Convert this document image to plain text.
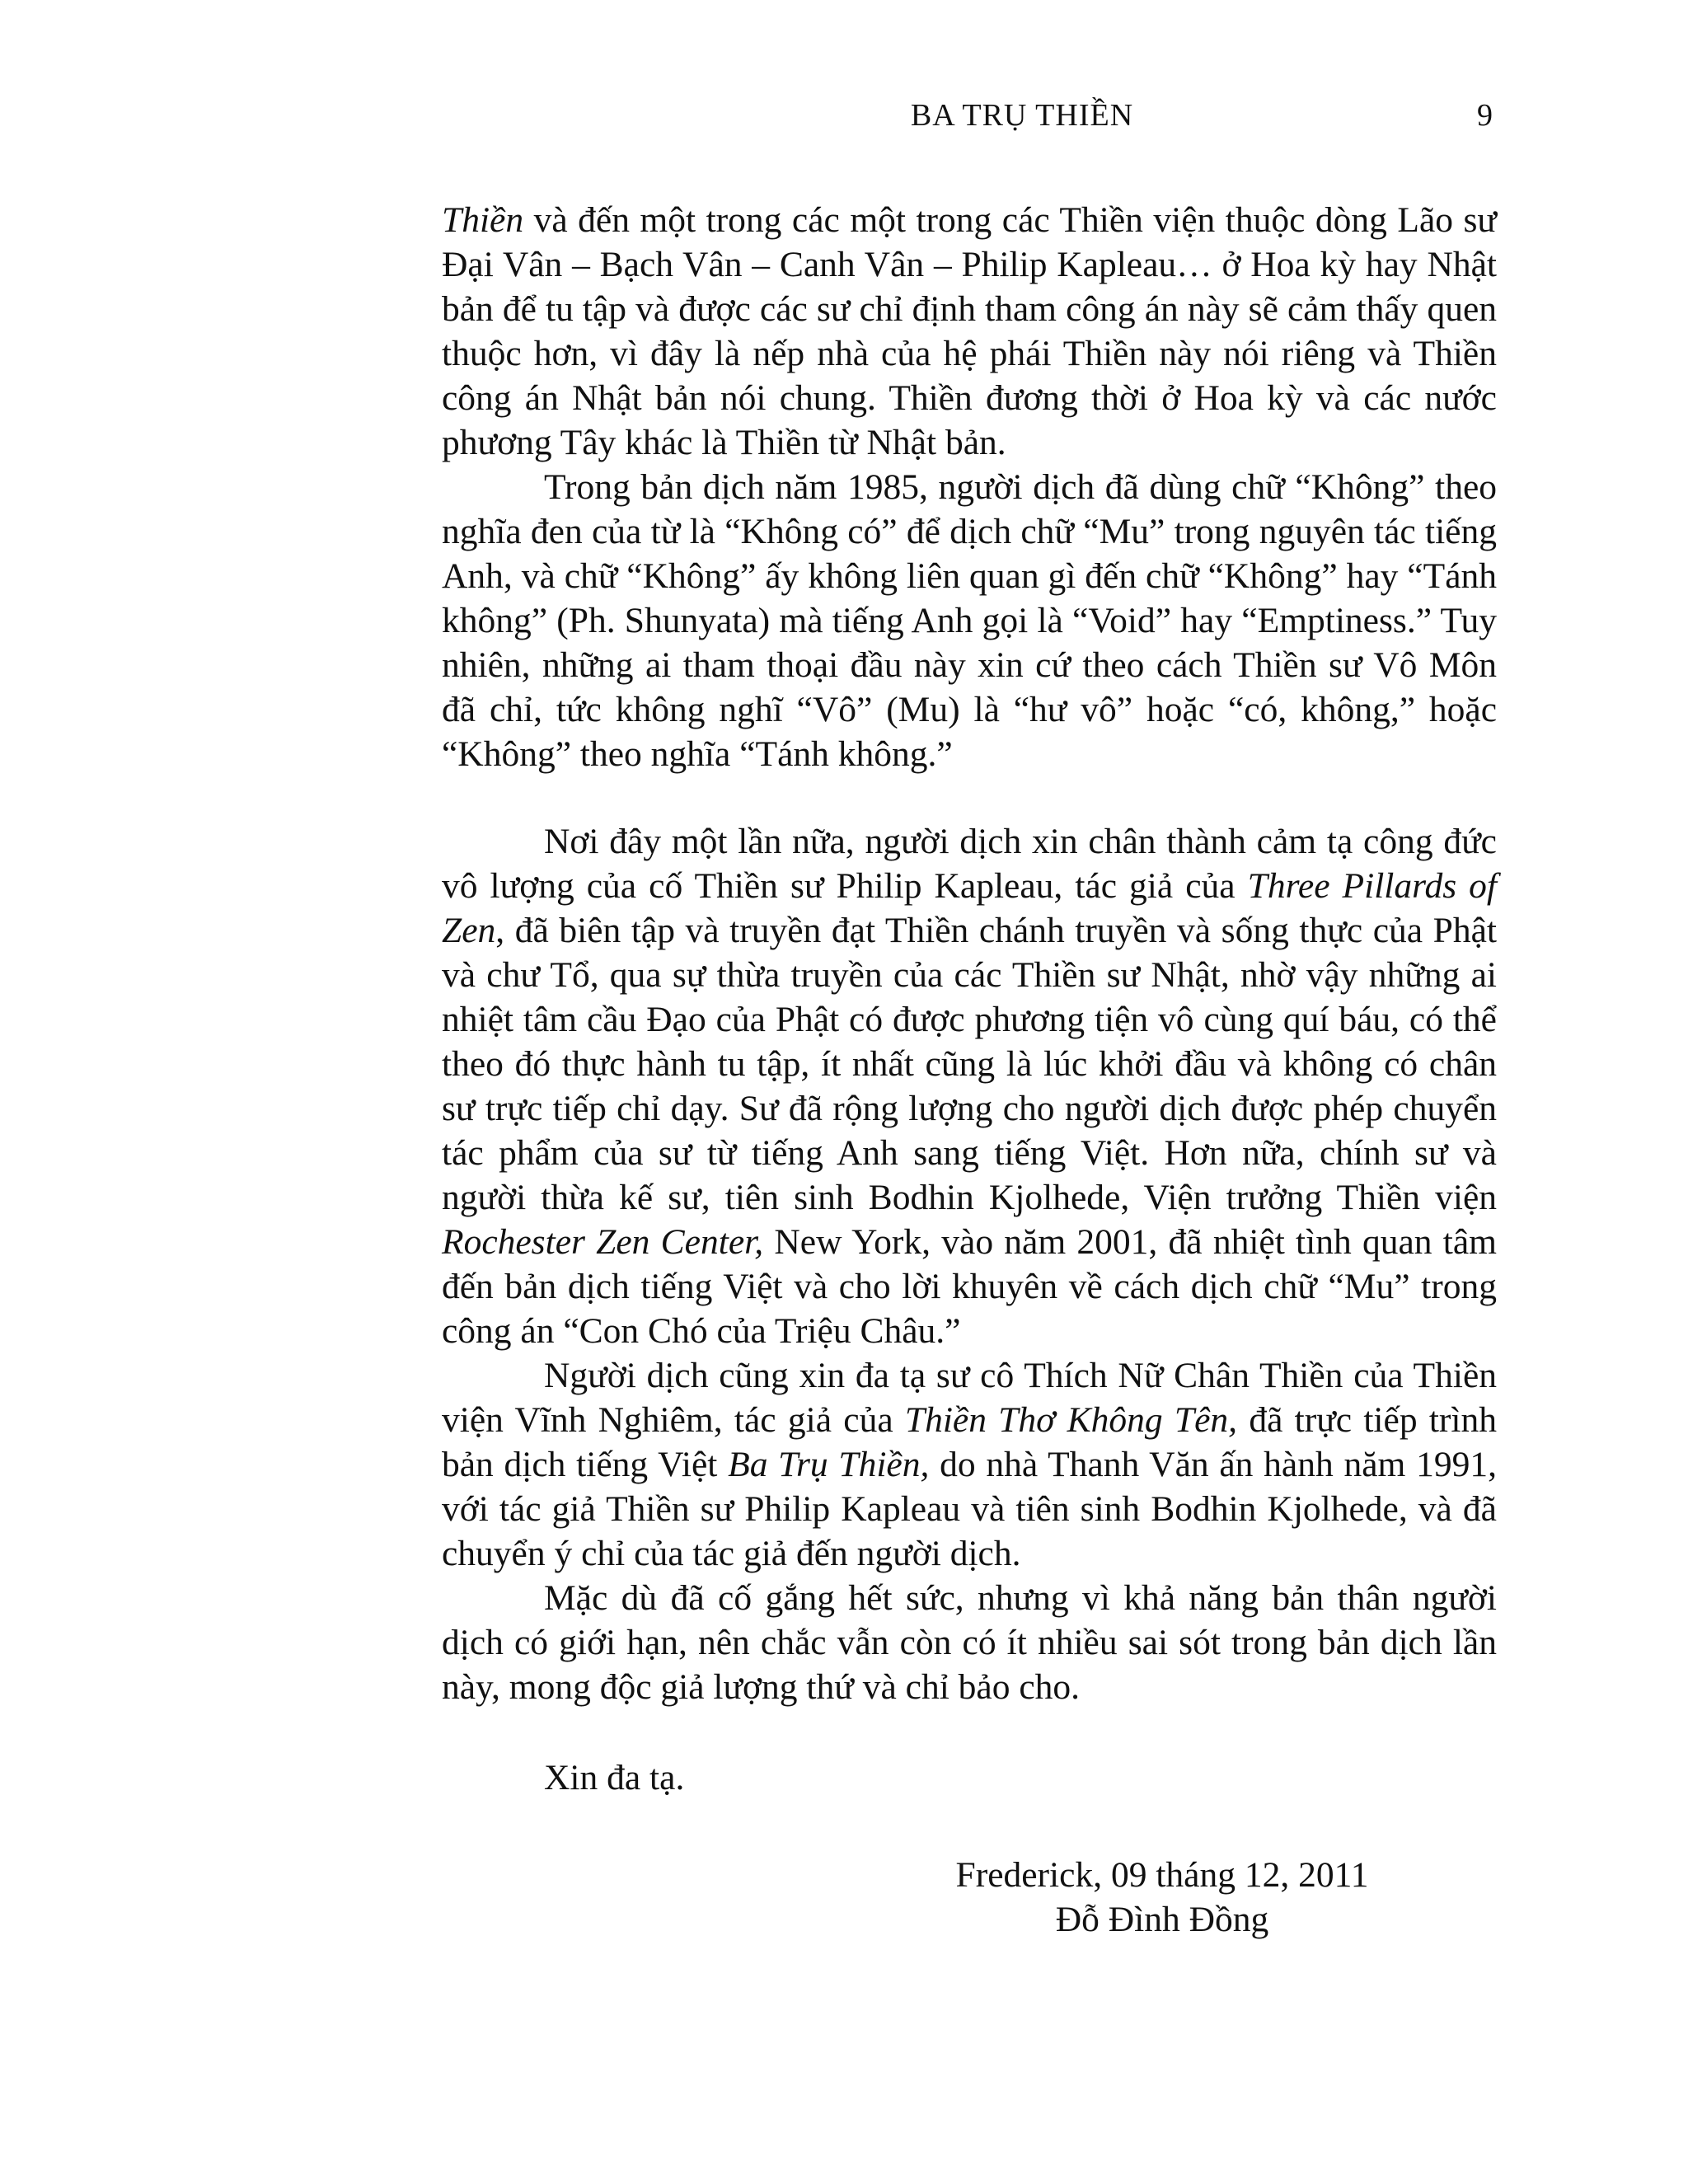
BA TRỤ THIỀN	9

Thiền và đến một trong các một trong các Thiền viện thuộc dòng Lão sư Đại Vân – Bạch Vân – Canh Vân – Philip Kapleau… ở Hoa kỳ hay Nhật bản để tu tập và được các sư chỉ định tham công án này sẽ cảm thấy quen thuộc hơn, vì đây là nếp nhà của hệ phái Thiền này nói riêng và Thiền công án Nhật bản nói chung. Thiền đương thời ở Hoa kỳ và các nước phương Tây khác là Thiền từ Nhật bản.

Trong bản dịch năm 1985, người dịch đã dùng chữ “Không” theo nghĩa đen của từ là “Không có” để dịch chữ “Mu” trong nguyên tác tiếng Anh, và chữ “Không” ấy không liên quan gì đến chữ “Không” hay “Tánh không” (Ph. Shunyata) mà tiếng Anh gọi là “Void” hay “Emptiness.” Tuy nhiên, những ai tham thoại đầu này xin cứ theo cách Thiền sư Vô Môn đã chỉ, tức không nghĩ “Vô” (Mu) là “hư vô” hoặc “có, không,” hoặc “Không” theo nghĩa “Tánh không.”

Nơi đây một lần nữa, người dịch xin chân thành cảm tạ công đức vô lượng của cố Thiền sư Philip Kapleau, tác giả của Three Pillards of Zen, đã biên tập và truyền đạt Thiền chánh truyền và sống thực của Phật và chư Tổ, qua sự thừa truyền của các Thiền sư Nhật, nhờ vậy những ai nhiệt tâm cầu Đạo của Phật có được phương tiện vô cùng quí báu, có thể theo đó thực hành tu tập, ít nhất cũng là lúc khởi đầu và không có chân sư trực tiếp chỉ dạy. Sư đã rộng lượng cho người dịch được phép chuyển tác phẩm của sư từ tiếng Anh sang tiếng Việt. Hơn nữa, chính sư và người thừa kế sư, tiên sinh Bodhin Kjolhede, Viện trưởng Thiền viện Rochester Zen Center, New York, vào năm 2001, đã nhiệt tình quan tâm đến bản dịch tiếng Việt và cho lời khuyên về cách dịch chữ “Mu” trong công án “Con Chó của Triệu Châu.”

Người dịch cũng xin đa tạ sư cô Thích Nữ Chân Thiền của Thiền viện Vĩnh Nghiêm, tác giả của Thiền Thơ Không Tên, đã trực tiếp trình bản dịch tiếng Việt Ba Trụ Thiền, do nhà Thanh Văn ấn hành năm 1991, với tác giả Thiền sư Philip Kapleau và tiên sinh Bodhin Kjolhede, và đã chuyển ý chỉ của tác giả đến người dịch.

Mặc dù đã cố gắng hết sức, nhưng vì khả năng bản thân người dịch có giới hạn, nên chắc vẫn còn có ít nhiều sai sót trong bản dịch lần này, mong độc giả lượng thứ và chỉ bảo cho.

Xin đa tạ.
Frederick, 09 tháng 12, 2011
Đỗ Đình Đồng
